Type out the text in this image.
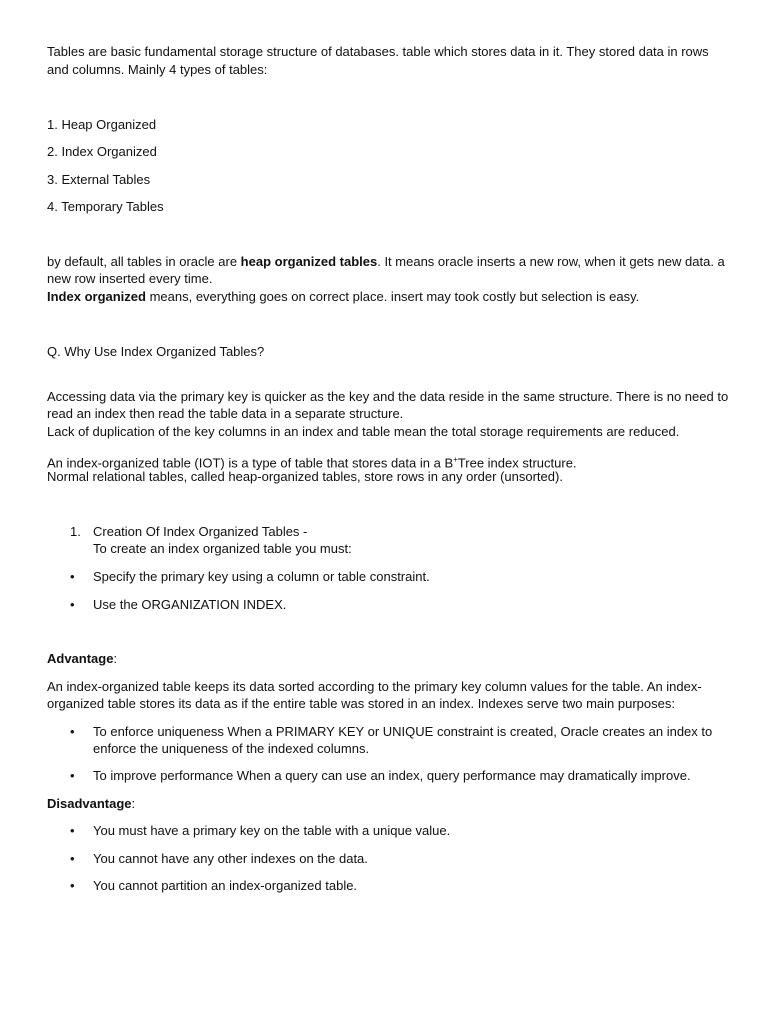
Tables are basic fundamental storage structure of databases. table which stores data in it. They stored data in rows
and columns. Mainly 4 types of tables:
1. Heap Organized
2. Index Organized
3. External Tables
4. Temporary Tables
by default, all tables in oracle are heap organized tables. It means oracle inserts a new row, when it gets new data. a
new row inserted every time.
Index organized means, everything goes on correct place. insert may took costly but selection is easy.
Q. Why Use Index Organized Tables?
Accessing data via the primary key is quicker as the key and the data reside in the same structure. There is no need to
read an index then read the table data in a separate structure.
Lack of duplication of the key columns in an index and table mean the total storage requirements are reduced.
An index-organized table (IOT) is a type of table that stores data in a B+Tree index structure.
Normal relational tables, called heap-organized tables, store rows in any order (unsorted).
1. Creation Of Index Organized Tables -
To create an index organized table you must:
• Specify the primary key using a column or table constraint.
• Use the ORGANIZATION INDEX.
Advantage:
An index-organized table keeps its data sorted according to the primary key column values for the table. An index-
organized table stores its data as if the entire table was stored in an index. Indexes serve two main purposes:
• To enforce uniqueness When a PRIMARY KEY or UNIQUE constraint is created, Oracle creates an index to
enforce the uniqueness of the indexed columns.
• To improve performance When a query can use an index, query performance may dramatically improve.
Disadvantage:
• You must have a primary key on the table with a unique value.
• You cannot have any other indexes on the data.
• You cannot partition an index-organized table.
